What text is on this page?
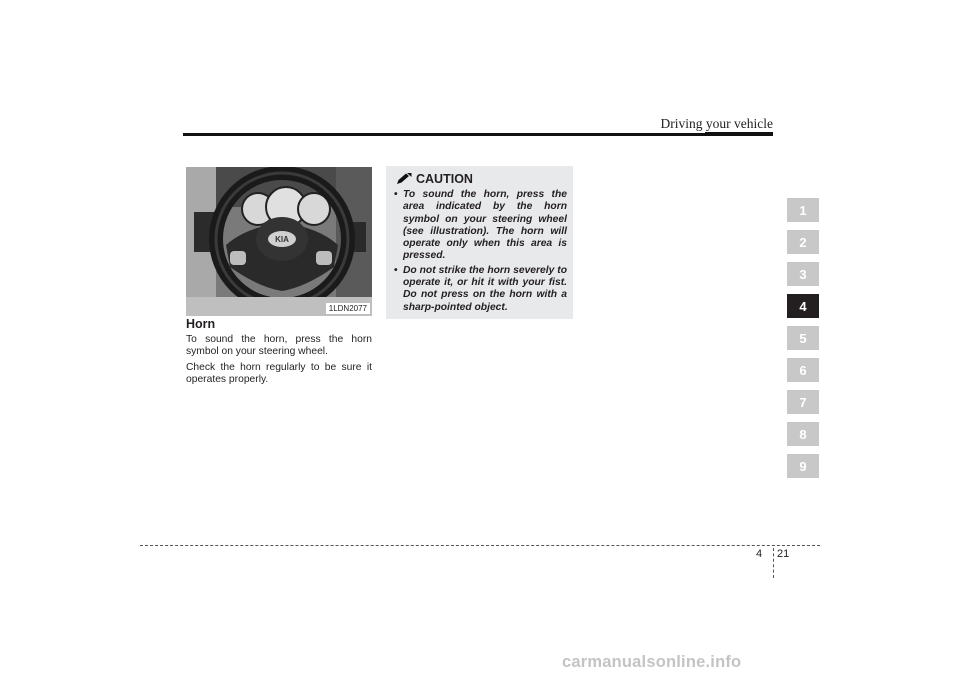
Driving your vehicle
KIA
1LDN2077
Horn
To sound the horn, press the horn symbol on your steering wheel.
Check the horn regularly to be sure it operates properly.
CAUTION
• To sound the horn, press the area indicated by the horn symbol on your steering wheel (see illustration). The horn will operate only when this area is pressed.
• Do not strike the horn severely to operate it, or hit it with your fist. Do not press on the horn with a sharp-pointed object.
1
2
3
4
5
6
7
8
9
4 21
carmanualsonline.info
